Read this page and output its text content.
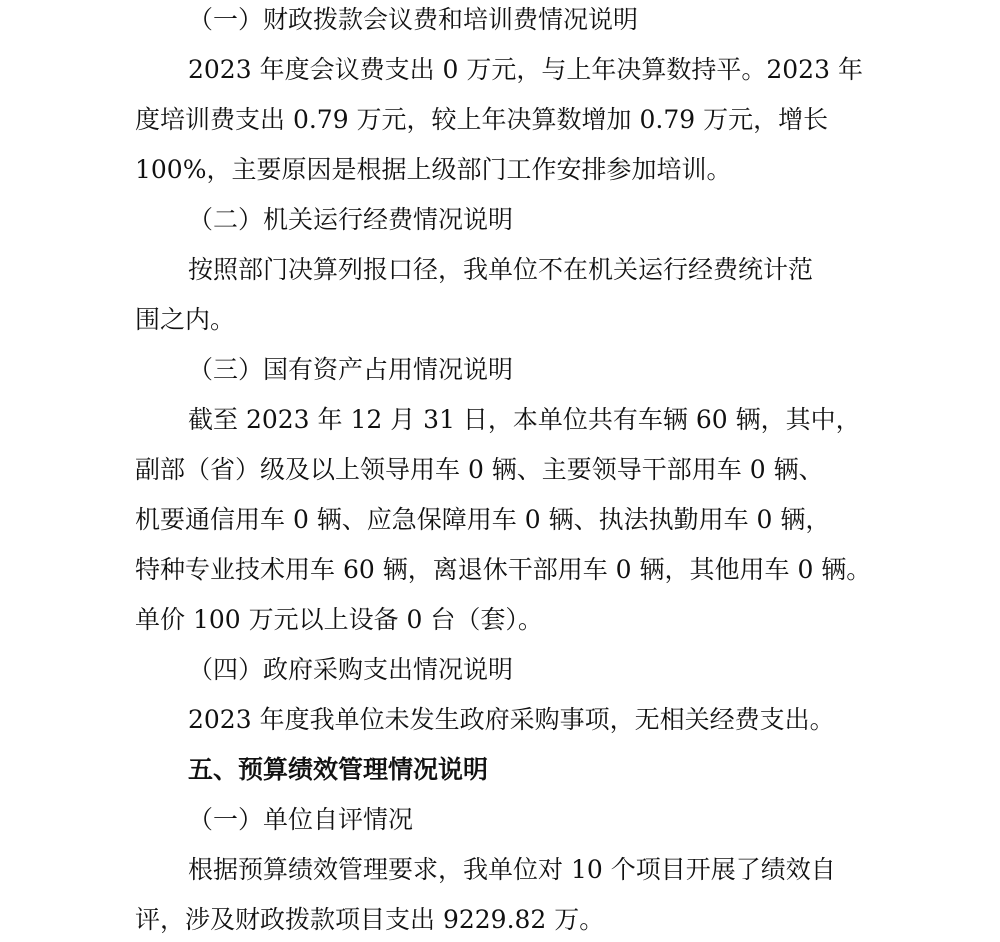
（一）财政拨款会议费和培训费情况说明
2023 年度会议费支出 0 万元，与上年决算数持平。2023 年
度培训费支出 0.79 万元，较上年决算数增加 0.79 万元，增长
100%，主要原因是根据上级部门工作安排参加培训。
（二）机关运行经费情况说明
按照部门决算列报口径，我单位不在机关运行经费统计范
围之内。
（三）国有资产占用情况说明
截至 2023 年 12 月 31 日，本单位共有车辆 60 辆，其中，
副部（省）级及以上领导用车 0 辆、主要领导干部用车 0 辆、
机要通信用车 0 辆、应急保障用车 0 辆、执法执勤用车 0 辆，
特种专业技术用车 60 辆，离退休干部用车 0 辆，其他用车 0 辆。
单价 100 万元以上设备 0 台（套）。
（四）政府采购支出情况说明
2023 年度我单位未发生政府采购事项，无相关经费支出。
五、预算绩效管理情况说明
（一）单位自评情况
根据预算绩效管理要求，我单位对 10 个项目开展了绩效自
评，涉及财政拨款项目支出 9229.82 万。
